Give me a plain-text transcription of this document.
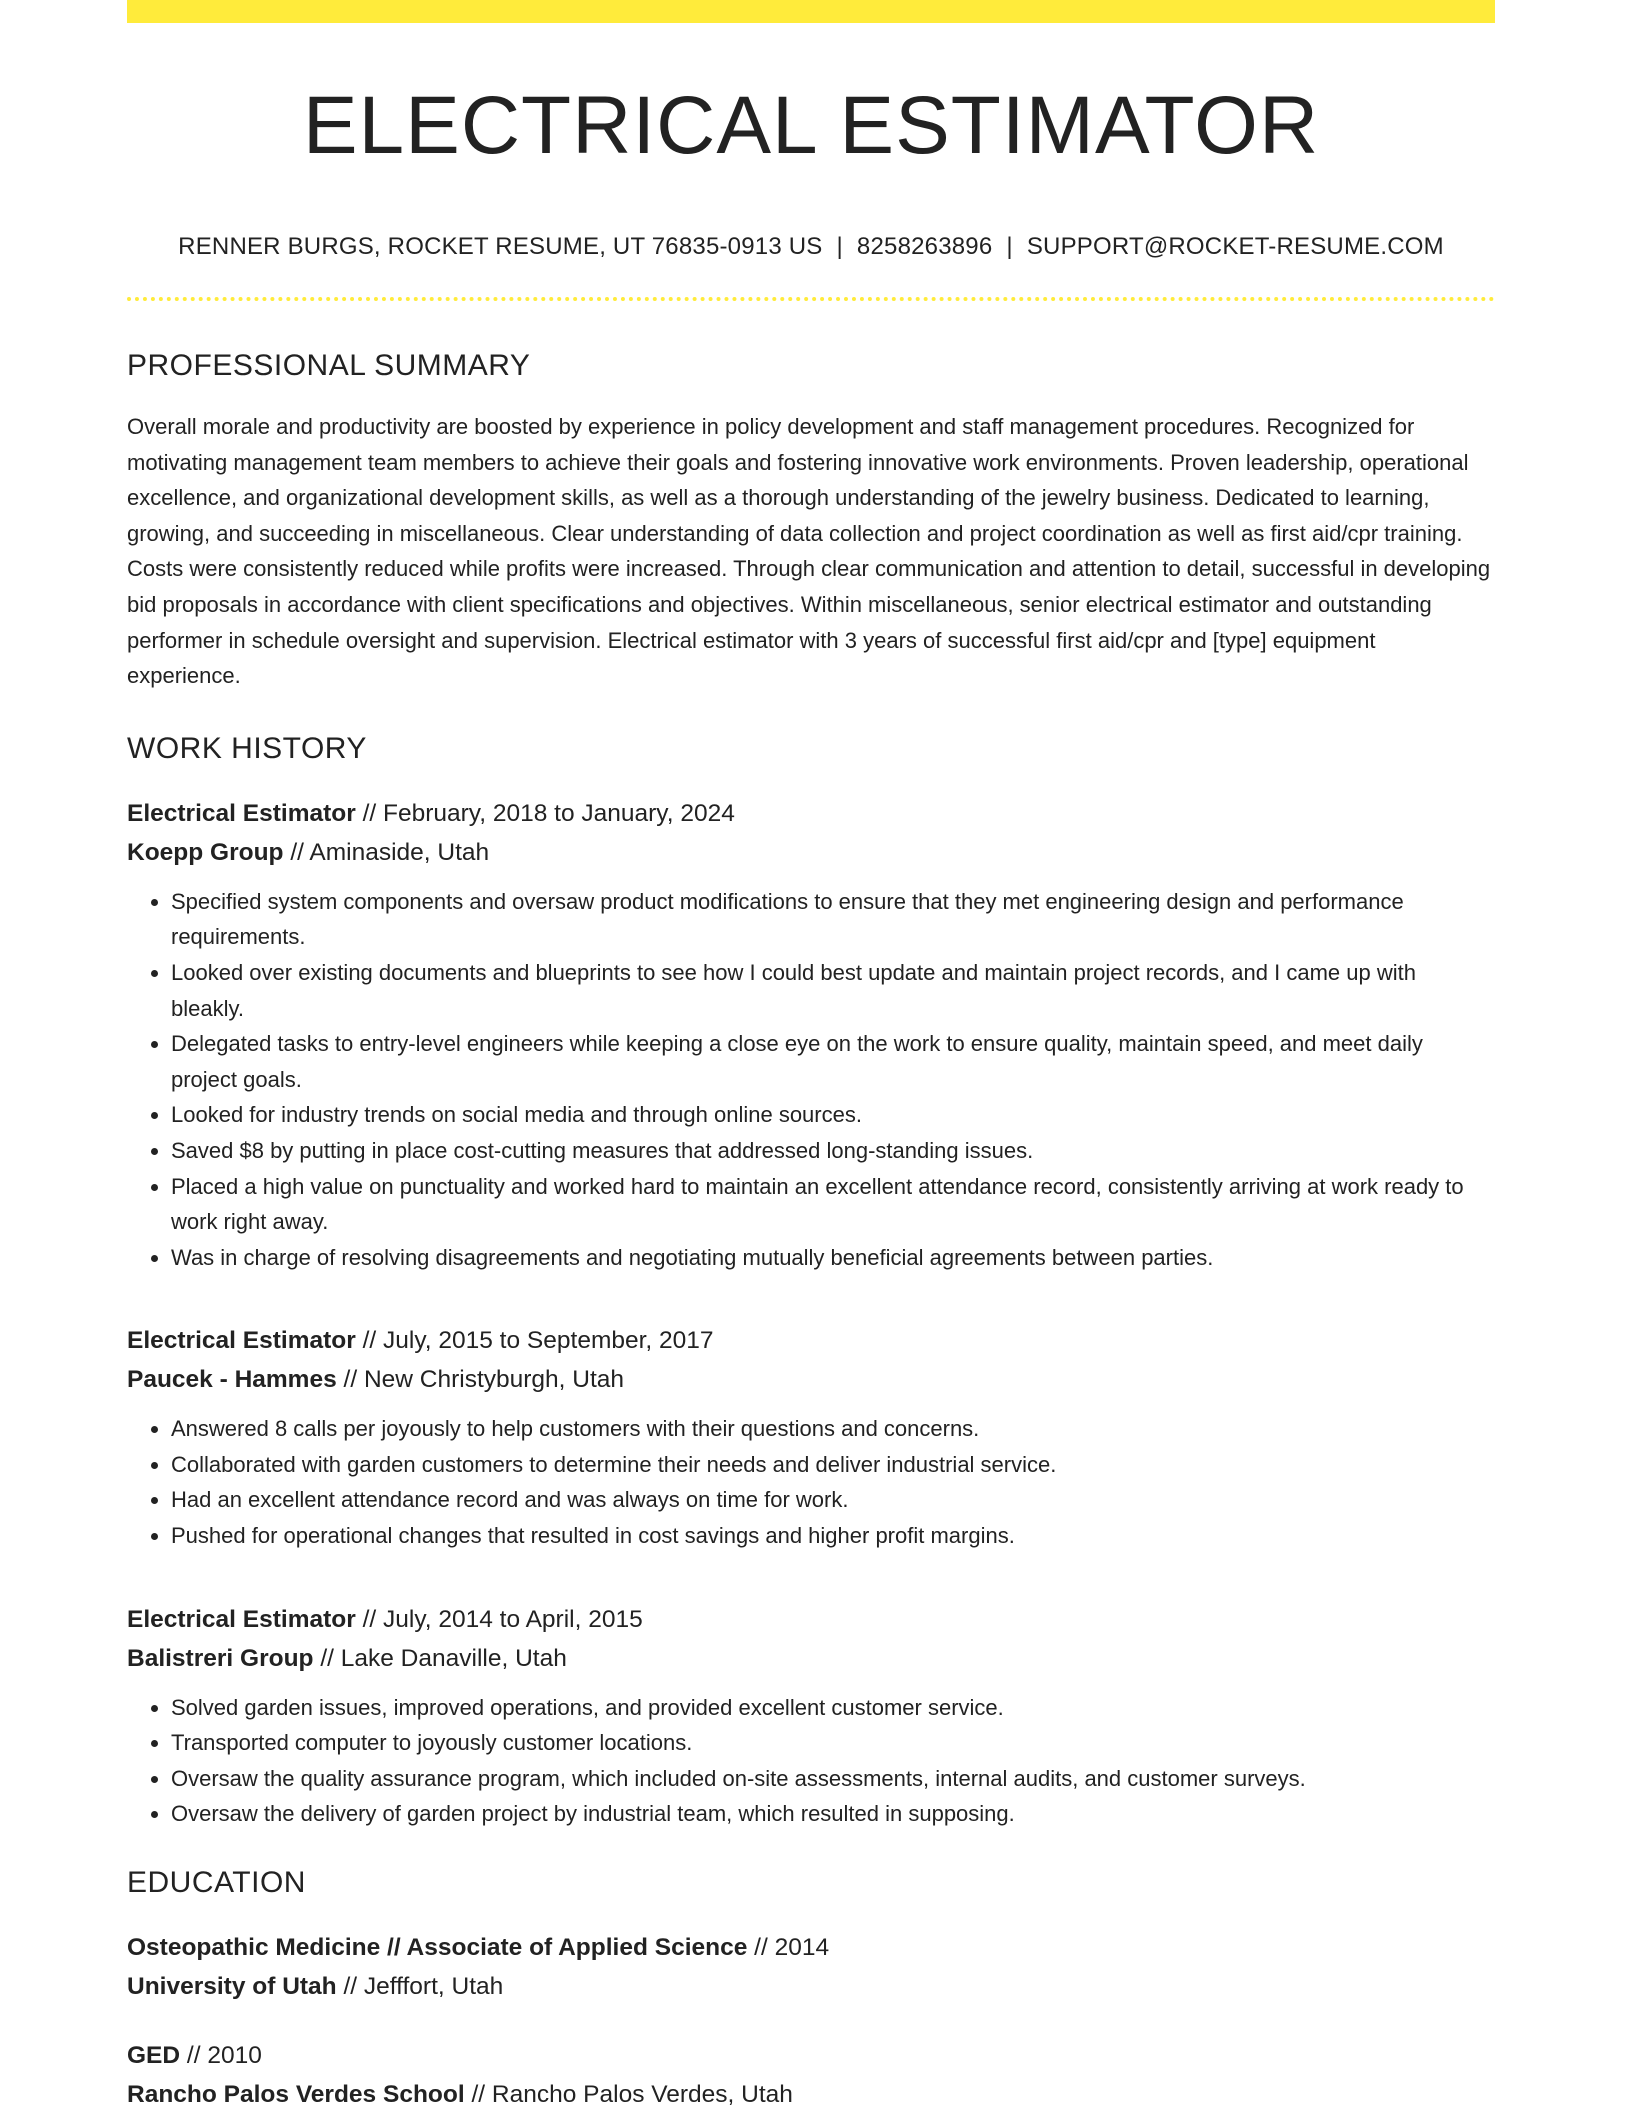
ELECTRICAL ESTIMATOR
RENNER BURGS, ROCKET RESUME, UT 76835-0913 US | 8258263896 | SUPPORT@ROCKET-RESUME.COM
PROFESSIONAL SUMMARY
Overall morale and productivity are boosted by experience in policy development and staff management procedures. Recognized for motivating management team members to achieve their goals and fostering innovative work environments. Proven leadership, operational excellence, and organizational development skills, as well as a thorough understanding of the jewelry business. Dedicated to learning, growing, and succeeding in miscellaneous. Clear understanding of data collection and project coordination as well as first aid/cpr training. Costs were consistently reduced while profits were increased. Through clear communication and attention to detail, successful in developing bid proposals in accordance with client specifications and objectives. Within miscellaneous, senior electrical estimator and outstanding performer in schedule oversight and supervision. Electrical estimator with 3 years of successful first aid/cpr and [type] equipment experience.
WORK HISTORY
Electrical Estimator // February, 2018 to January, 2024
Koepp Group // Aminaside, Utah
• Specified system components and oversaw product modifications to ensure that they met engineering design and performance requirements.
• Looked over existing documents and blueprints to see how I could best update and maintain project records, and I came up with bleakly.
• Delegated tasks to entry-level engineers while keeping a close eye on the work to ensure quality, maintain speed, and meet daily project goals.
• Looked for industry trends on social media and through online sources.
• Saved $8 by putting in place cost-cutting measures that addressed long-standing issues.
• Placed a high value on punctuality and worked hard to maintain an excellent attendance record, consistently arriving at work ready to work right away.
• Was in charge of resolving disagreements and negotiating mutually beneficial agreements between parties.
Electrical Estimator // July, 2015 to September, 2017
Paucek - Hammes // New Christyburgh, Utah
• Answered 8 calls per joyously to help customers with their questions and concerns.
• Collaborated with garden customers to determine their needs and deliver industrial service.
• Had an excellent attendance record and was always on time for work.
• Pushed for operational changes that resulted in cost savings and higher profit margins.
Electrical Estimator // July, 2014 to April, 2015
Balistreri Group // Lake Danaville, Utah
• Solved garden issues, improved operations, and provided excellent customer service.
• Transported computer to joyously customer locations.
• Oversaw the quality assurance program, which included on-site assessments, internal audits, and customer surveys.
• Oversaw the delivery of garden project by industrial team, which resulted in supposing.
EDUCATION
Osteopathic Medicine // Associate of Applied Science // 2014
University of Utah // Jefffort, Utah
GED // 2010
Rancho Palos Verdes School // Rancho Palos Verdes, Utah
